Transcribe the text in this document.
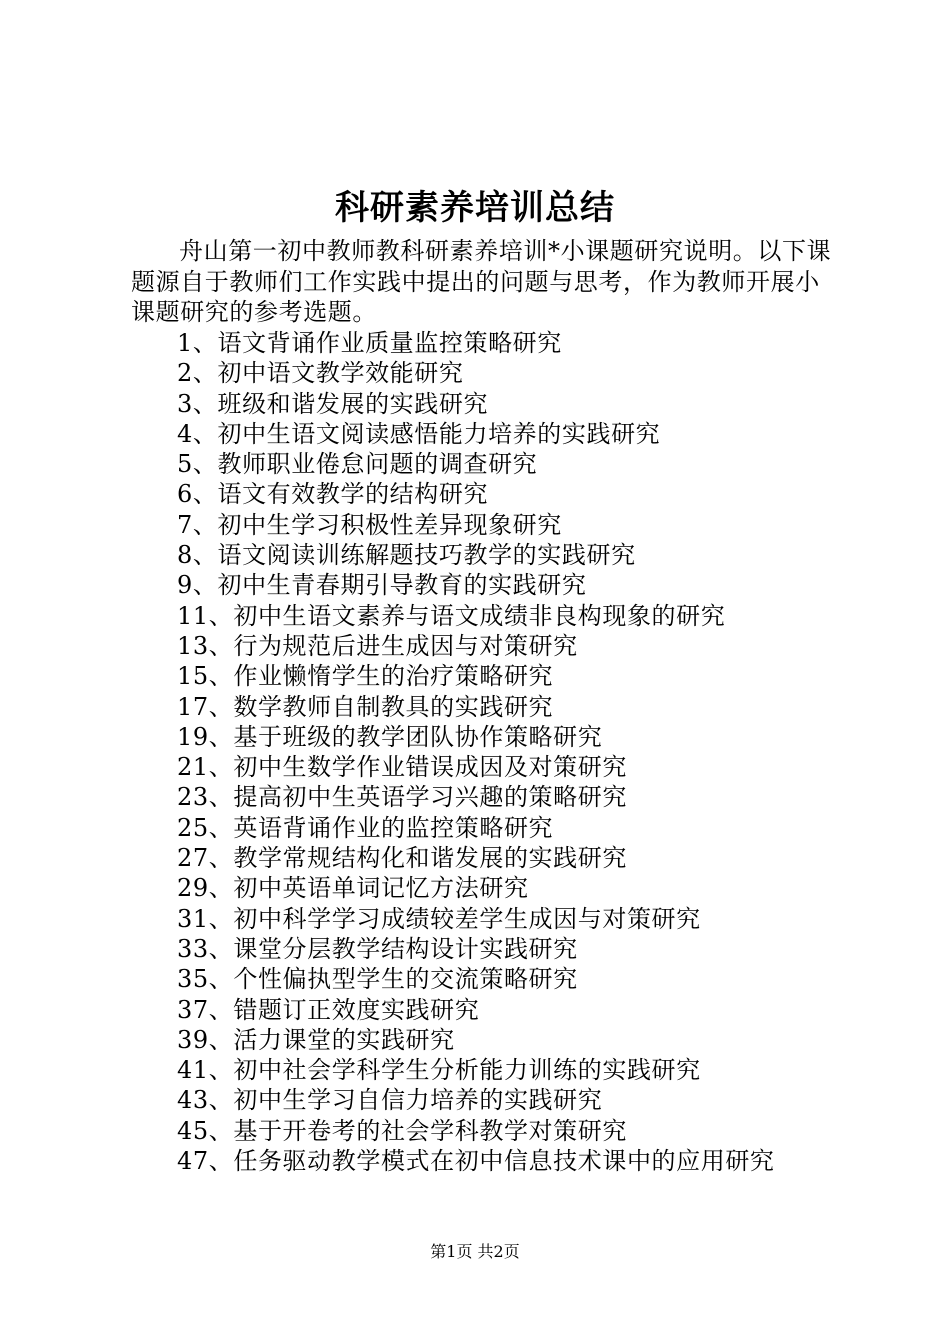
科研素养培训总结

舟山第一初中教师教科研素养培训*小课题研究说明。以下课题源自于教师们工作实践中提出的问题与思考，作为教师开展小课题研究的参考选题。

1、语文背诵作业质量监控策略研究
2、初中语文教学效能研究
3、班级和谐发展的实践研究
4、初中生语文阅读感悟能力培养的实践研究
5、教师职业倦怠问题的调查研究
6、语文有效教学的结构研究
7、初中生学习积极性差异现象研究
8、语文阅读训练解题技巧教学的实践研究
9、初中生青春期引导教育的实践研究
11、初中生语文素养与语文成绩非良构现象的研究
13、行为规范后进生成因与对策研究
15、作业懒惰学生的治疗策略研究
17、数学教师自制教具的实践研究
19、基于班级的教学团队协作策略研究
21、初中生数学作业错误成因及对策研究
23、提高初中生英语学习兴趣的策略研究
25、英语背诵作业的监控策略研究
27、教学常规结构化和谐发展的实践研究
29、初中英语单词记忆方法研究
31、初中科学学习成绩较差学生成因与对策研究
33、课堂分层教学结构设计实践研究
35、个性偏执型学生的交流策略研究
37、错题订正效度实践研究
39、活力课堂的实践研究
41、初中社会学科学生分析能力训练的实践研究
43、初中生学习自信力培养的实践研究
45、基于开卷考的社会学科教学对策研究
47、任务驱动教学模式在初中信息技术课中的应用研究
第1页 共2页
